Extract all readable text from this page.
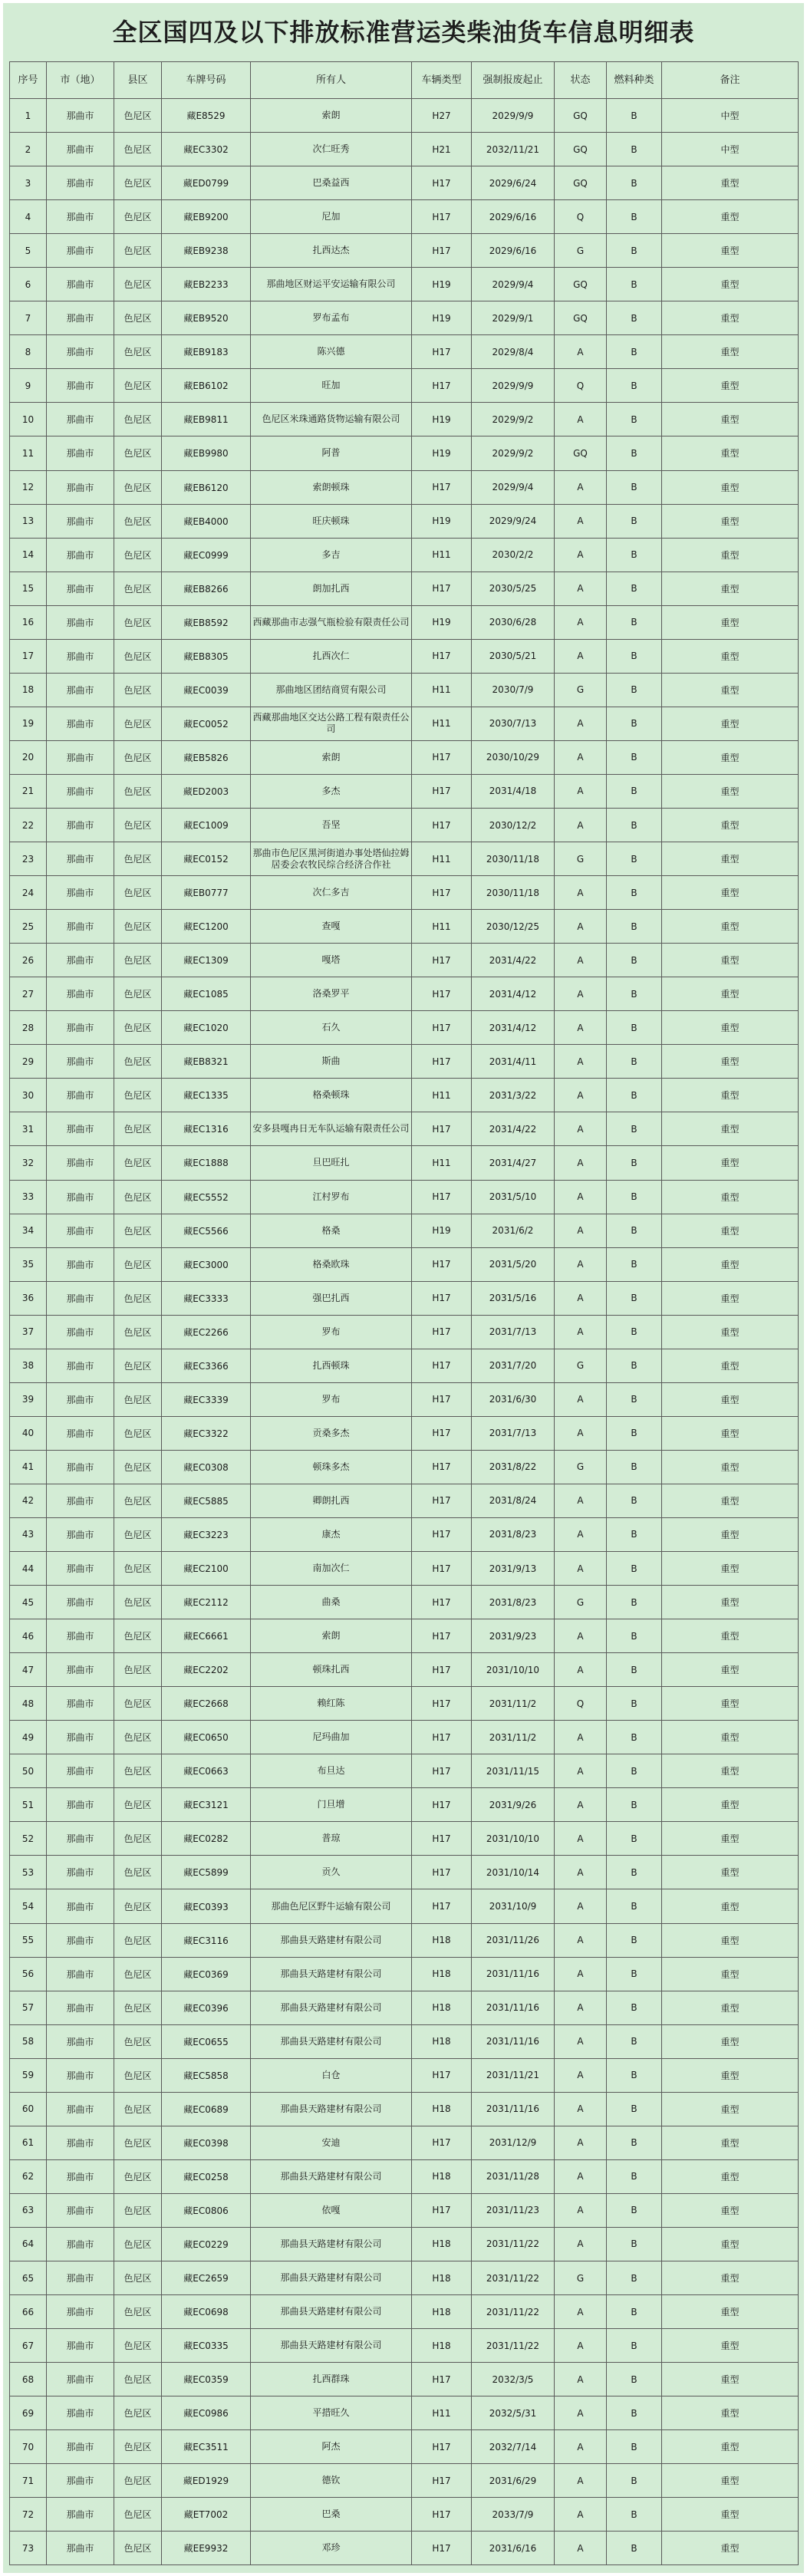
全区国四及以下排放标准营运类柴油货车信息明细表
序号	市（地）	县区	车牌号码	所有人	车辆类型	强制报废起止	状态	燃料种类	备注
1	那曲市	色尼区	藏E8529	索朗	H27	2029/9/9	GQ	B	中型
2	那曲市	色尼区	藏EC3302	次仁旺秀	H21	2032/11/21	GQ	B	中型
3	那曲市	色尼区	藏ED0799	巴桑益西	H17	2029/6/24	GQ	B	重型
4	那曲市	色尼区	藏EB9200	尼加	H17	2029/6/16	Q	B	重型
5	那曲市	色尼区	藏EB9238	扎西达杰	H17	2029/6/16	G	B	重型
6	那曲市	色尼区	藏EB2233	那曲地区财运平安运输有限公司	H19	2029/9/4	GQ	B	重型
7	那曲市	色尼区	藏EB9520	罗布孟布	H19	2029/9/1	GQ	B	重型
8	那曲市	色尼区	藏EB9183	陈兴德	H17	2029/8/4	A	B	重型
9	那曲市	色尼区	藏EB6102	旺加	H17	2029/9/9	Q	B	重型
10	那曲市	色尼区	藏EB9811	色尼区米珠通路货物运输有限公司	H19	2029/9/2	A	B	重型
11	那曲市	色尼区	藏EB9980	阿普	H19	2029/9/2	GQ	B	重型
12	那曲市	色尼区	藏EB6120	索朗顿珠	H17	2029/9/4	A	B	重型
13	那曲市	色尼区	藏EB4000	旺庆顿珠	H19	2029/9/24	A	B	重型
14	那曲市	色尼区	藏EC0999	多吉	H11	2030/2/2	A	B	重型
15	那曲市	色尼区	藏EB8266	朗加扎西	H17	2030/5/25	A	B	重型
16	那曲市	色尼区	藏EB8592	西藏那曲市志强气瓶检验有限责任公司	H19	2030/6/28	A	B	重型
17	那曲市	色尼区	藏EB8305	扎西次仁	H17	2030/5/21	A	B	重型
18	那曲市	色尼区	藏EC0039	那曲地区团结商贸有限公司	H11	2030/7/9	G	B	重型
19	那曲市	色尼区	藏EC0052	西藏那曲地区交达公路工程有限责任公司	H11	2030/7/13	A	B	重型
20	那曲市	色尼区	藏EB5826	索朗	H17	2030/10/29	A	B	重型
21	那曲市	色尼区	藏ED2003	多杰	H17	2031/4/18	A	B	重型
22	那曲市	色尼区	藏EC1009	吾坚	H17	2030/12/2	A	B	重型
23	那曲市	色尼区	藏EC0152	那曲市色尼区黑河街道办事处塔仙拉姆居委会农牧民综合经济合作社	H11	2030/11/18	G	B	重型
24	那曲市	色尼区	藏EB0777	次仁多吉	H17	2030/11/18	A	B	重型
25	那曲市	色尼区	藏EC1200	查嘎	H11	2030/12/25	A	B	重型
26	那曲市	色尼区	藏EC1309	嘎塔	H17	2031/4/22	A	B	重型
27	那曲市	色尼区	藏EC1085	洛桑罗平	H17	2031/4/12	A	B	重型
28	那曲市	色尼区	藏EC1020	石久	H17	2031/4/12	A	B	重型
29	那曲市	色尼区	藏EB8321	斯曲	H17	2031/4/11	A	B	重型
30	那曲市	色尼区	藏EC1335	格桑顿珠	H11	2031/3/22	A	B	重型
31	那曲市	色尼区	藏EC1316	安多县嘎冉日无车队运输有限责任公司	H17	2031/4/22	A	B	重型
32	那曲市	色尼区	藏EC1888	旦巴旺扎	H11	2031/4/27	A	B	重型
33	那曲市	色尼区	藏EC5552	江村罗布	H17	2031/5/10	A	B	重型
34	那曲市	色尼区	藏EC5566	格桑	H19	2031/6/2	A	B	重型
35	那曲市	色尼区	藏EC3000	格桑欧珠	H17	2031/5/20	A	B	重型
36	那曲市	色尼区	藏EC3333	强巴扎西	H17	2031/5/16	A	B	重型
37	那曲市	色尼区	藏EC2266	罗布	H17	2031/7/13	A	B	重型
38	那曲市	色尼区	藏EC3366	扎西顿珠	H17	2031/7/20	G	B	重型
39	那曲市	色尼区	藏EC3339	罗布	H17	2031/6/30	A	B	重型
40	那曲市	色尼区	藏EC3322	贡桑多杰	H17	2031/7/13	A	B	重型
41	那曲市	色尼区	藏EC0308	顿珠多杰	H17	2031/8/22	G	B	重型
42	那曲市	色尼区	藏EC5885	卿朗扎西	H17	2031/8/24	A	B	重型
43	那曲市	色尼区	藏EC3223	康杰	H17	2031/8/23	A	B	重型
44	那曲市	色尼区	藏EC2100	南加次仁	H17	2031/9/13	A	B	重型
45	那曲市	色尼区	藏EC2112	曲桑	H17	2031/8/23	G	B	重型
46	那曲市	色尼区	藏EC6661	索朗	H17	2031/9/23	A	B	重型
47	那曲市	色尼区	藏EC2202	顿珠扎西	H17	2031/10/10	A	B	重型
48	那曲市	色尼区	藏EC2668	赖红陈	H17	2031/11/2	Q	B	重型
49	那曲市	色尼区	藏EC0650	尼玛曲加	H17	2031/11/2	A	B	重型
50	那曲市	色尼区	藏EC0663	布旦达	H17	2031/11/15	A	B	重型
51	那曲市	色尼区	藏EC3121	门旦增	H17	2031/9/26	A	B	重型
52	那曲市	色尼区	藏EC0282	普琼	H17	2031/10/10	A	B	重型
53	那曲市	色尼区	藏EC5899	贡久	H17	2031/10/14	A	B	重型
54	那曲市	色尼区	藏EC0393	那曲色尼区野牛运输有限公司	H17	2031/10/9	A	B	重型
55	那曲市	色尼区	藏EC3116	那曲县天路建材有限公司	H18	2031/11/26	A	B	重型
56	那曲市	色尼区	藏EC0369	那曲县天路建材有限公司	H18	2031/11/16	A	B	重型
57	那曲市	色尼区	藏EC0396	那曲县天路建材有限公司	H18	2031/11/16	A	B	重型
58	那曲市	色尼区	藏EC0655	那曲县天路建材有限公司	H18	2031/11/16	A	B	重型
59	那曲市	色尼区	藏EC5858	白仓	H17	2031/11/21	A	B	重型
60	那曲市	色尼区	藏EC0689	那曲县天路建材有限公司	H18	2031/11/16	A	B	重型
61	那曲市	色尼区	藏EC0398	安迪	H17	2031/12/9	A	B	重型
62	那曲市	色尼区	藏EC0258	那曲县天路建材有限公司	H18	2031/11/28	A	B	重型
63	那曲市	色尼区	藏EC0806	依嘎	H17	2031/11/23	A	B	重型
64	那曲市	色尼区	藏EC0229	那曲县天路建材有限公司	H18	2031/11/22	A	B	重型
65	那曲市	色尼区	藏EC2659	那曲县天路建材有限公司	H18	2031/11/22	G	B	重型
66	那曲市	色尼区	藏EC0698	那曲县天路建材有限公司	H18	2031/11/22	A	B	重型
67	那曲市	色尼区	藏EC0335	那曲县天路建材有限公司	H18	2031/11/22	A	B	重型
68	那曲市	色尼区	藏EC0359	扎西群珠	H17	2032/3/5	A	B	重型
69	那曲市	色尼区	藏EC0986	平措旺久	H11	2032/5/31	A	B	重型
70	那曲市	色尼区	藏EC3511	阿杰	H17	2032/7/14	A	B	重型
71	那曲市	色尼区	藏ED1929	德钦	H17	2031/6/29	A	B	重型
72	那曲市	色尼区	藏ET7002	巴桑	H17	2033/7/9	A	B	重型
73	那曲市	色尼区	藏EE9932	邓珍	H17	2031/6/16	A	B	重型
